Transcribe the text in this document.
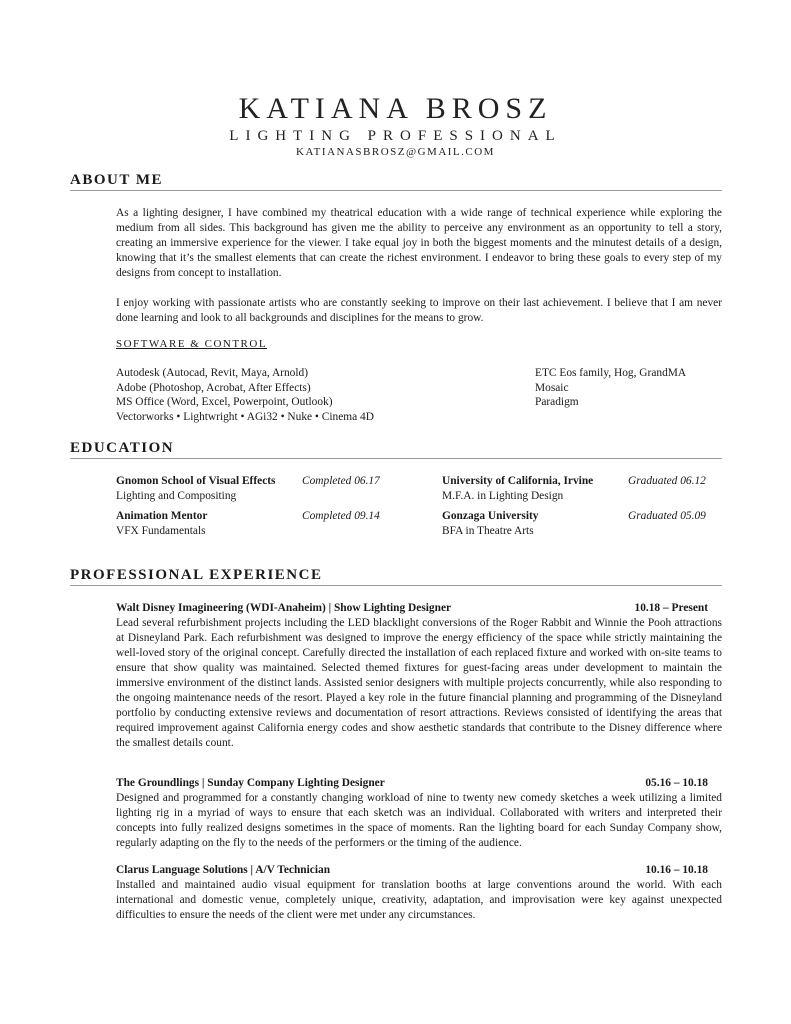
KATIANA BROSZ
LIGHTING PROFESSIONAL
KATIANASBROSZ@GMAIL.COM
ABOUT ME

As a lighting designer, I have combined my theatrical education with a wide range of technical experience while exploring the medium from all sides. This background has given me the ability to perceive any environment as an opportunity to tell a story, creating an immersive experience for the viewer. I take equal joy in both the biggest moments and the minutest details of a design, knowing that it’s the smallest elements that can create the richest environment. I endeavor to bring these goals to every step of my designs from concept to installation.

I enjoy working with passionate artists who are constantly seeking to improve on their last achievement. I believe that I am never done learning and look to all backgrounds and disciplines for the means to grow.

SOFTWARE & CONTROL
Autodesk (Autocad, Revit, Maya, Arnold)
Adobe (Photoshop, Acrobat, After Effects)
MS Office (Word, Excel, Powerpoint, Outlook)
Vectorworks • Lightwright • AGi32 • Nuke • Cinema 4D
ETC Eos family, Hog, GrandMA
Mosaic
Paradigm
EDUCATION
Gnomon School of Visual Effects	Completed 06.17
Lighting and Compositing
University of California, Irvine	Graduated 06.12
M.F.A. in Lighting Design
Animation Mentor	Completed 09.14
VFX Fundamentals
Gonzaga University	Graduated 05.09
BFA in Theatre Arts
PROFESSIONAL EXPERIENCE
Walt Disney Imagineering (WDI-Anaheim) | Show Lighting Designer	10.18 – Present

Lead several refurbishment projects including the LED blacklight conversions of the Roger Rabbit and Winnie the Pooh attractions at Disneyland Park. Each refurbishment was designed to improve the energy efficiency of the space while strictly maintaining the well-loved story of the original concept. Carefully directed the installation of each replaced fixture and worked with on-site teams to ensure that show quality was maintained. Selected themed fixtures for guest-facing areas under development to maintain the immersive environment of the distinct lands. Assisted senior designers with multiple projects concurrently, while also responding to the ongoing maintenance needs of the resort. Played a key role in the future financial planning and programming of the Disneyland portfolio by conducting extensive reviews and documentation of resort attractions. Reviews consisted of identifying the areas that required improvement against California energy codes and show aesthetic standards that contribute to the Disney difference where the smallest details count.

The Groundlings | Sunday Company Lighting Designer	05.16 – 10.18

Designed and programmed for a constantly changing workload of nine to twenty new comedy sketches a week utilizing a limited lighting rig in a myriad of ways to ensure that each sketch was an individual. Collaborated with writers and interpreted their concepts into fully realized designs sometimes in the space of moments. Ran the lighting board for each Sunday Company show, regularly adapting on the fly to the needs of the performers or the timing of the audience.

Clarus Language Solutions | A/V Technician	10.16 – 10.18

Installed and maintained audio visual equipment for translation booths at large conventions around the world. With each international and domestic venue, completely unique, creativity, adaptation, and improvisation were key against unexpected difficulties to ensure the needs of the client were met under any circumstances.
